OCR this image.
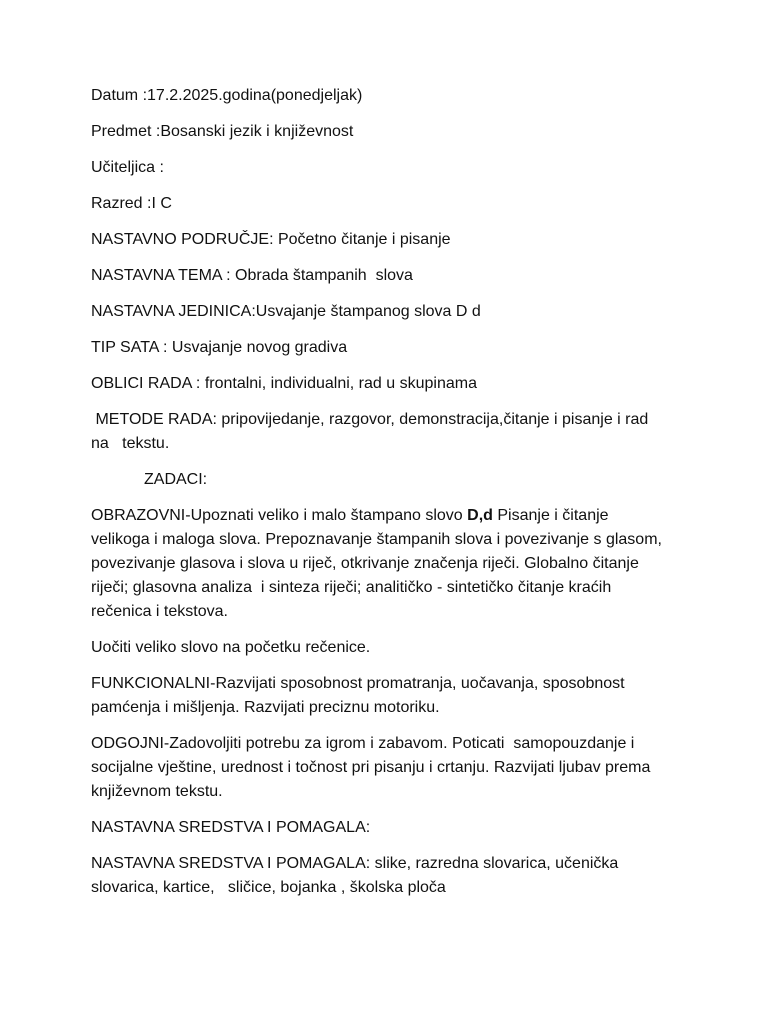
Datum :17.2.2025.godina(ponedjeljak)

Predmet :Bosanski jezik i književnost

Učiteljica :

Razred :I C

NASTAVNO PODRUČJE: Početno čitanje i pisanje

NASTAVNA TEMA : Obrada štampanih  slova

NASTAVNA JEDINICA:Usvajanje štampanog slova D d

TIP SATA : Usvajanje novog gradiva

OBLICI RADA : frontalni, individualni, rad u skupinama

METODE RADA: pripovijedanje, razgovor, demonstracija,čitanje i pisanje i rad
na   tekstu.

ZADACI:

OBRAZOVNI-Upoznati veliko i malo štampano slovo D,d Pisanje i čitanje
velikoga i maloga slova. Prepoznavanje štampanih slova i povezivanje s glasom,
povezivanje glasova i slova u riječ, otkrivanje značenja riječi. Globalno čitanje
riječi; glasovna analiza  i sinteza riječi; analitičko - sintetičko čitanje kraćih
rečenica i tekstova.

Uočiti veliko slovo na početku rečenice.

FUNKCIONALNI-Razvijati sposobnost promatranja, uočavanja, sposobnost
pamćenja i mišljenja. Razvijati preciznu motoriku.

ODGOJNI-Zadovoljiti potrebu za igrom i zabavom. Poticati  samopouzdanje i
socijalne vještine, urednost i točnost pri pisanju i crtanju. Razvijati ljubav prema
književnom tekstu.

NASTAVNA SREDSTVA I POMAGALA:

NASTAVNA SREDSTVA I POMAGALA: slike, razredna slovarica, učenička
slovarica, kartice,   sličice, bojanka , školska ploča
